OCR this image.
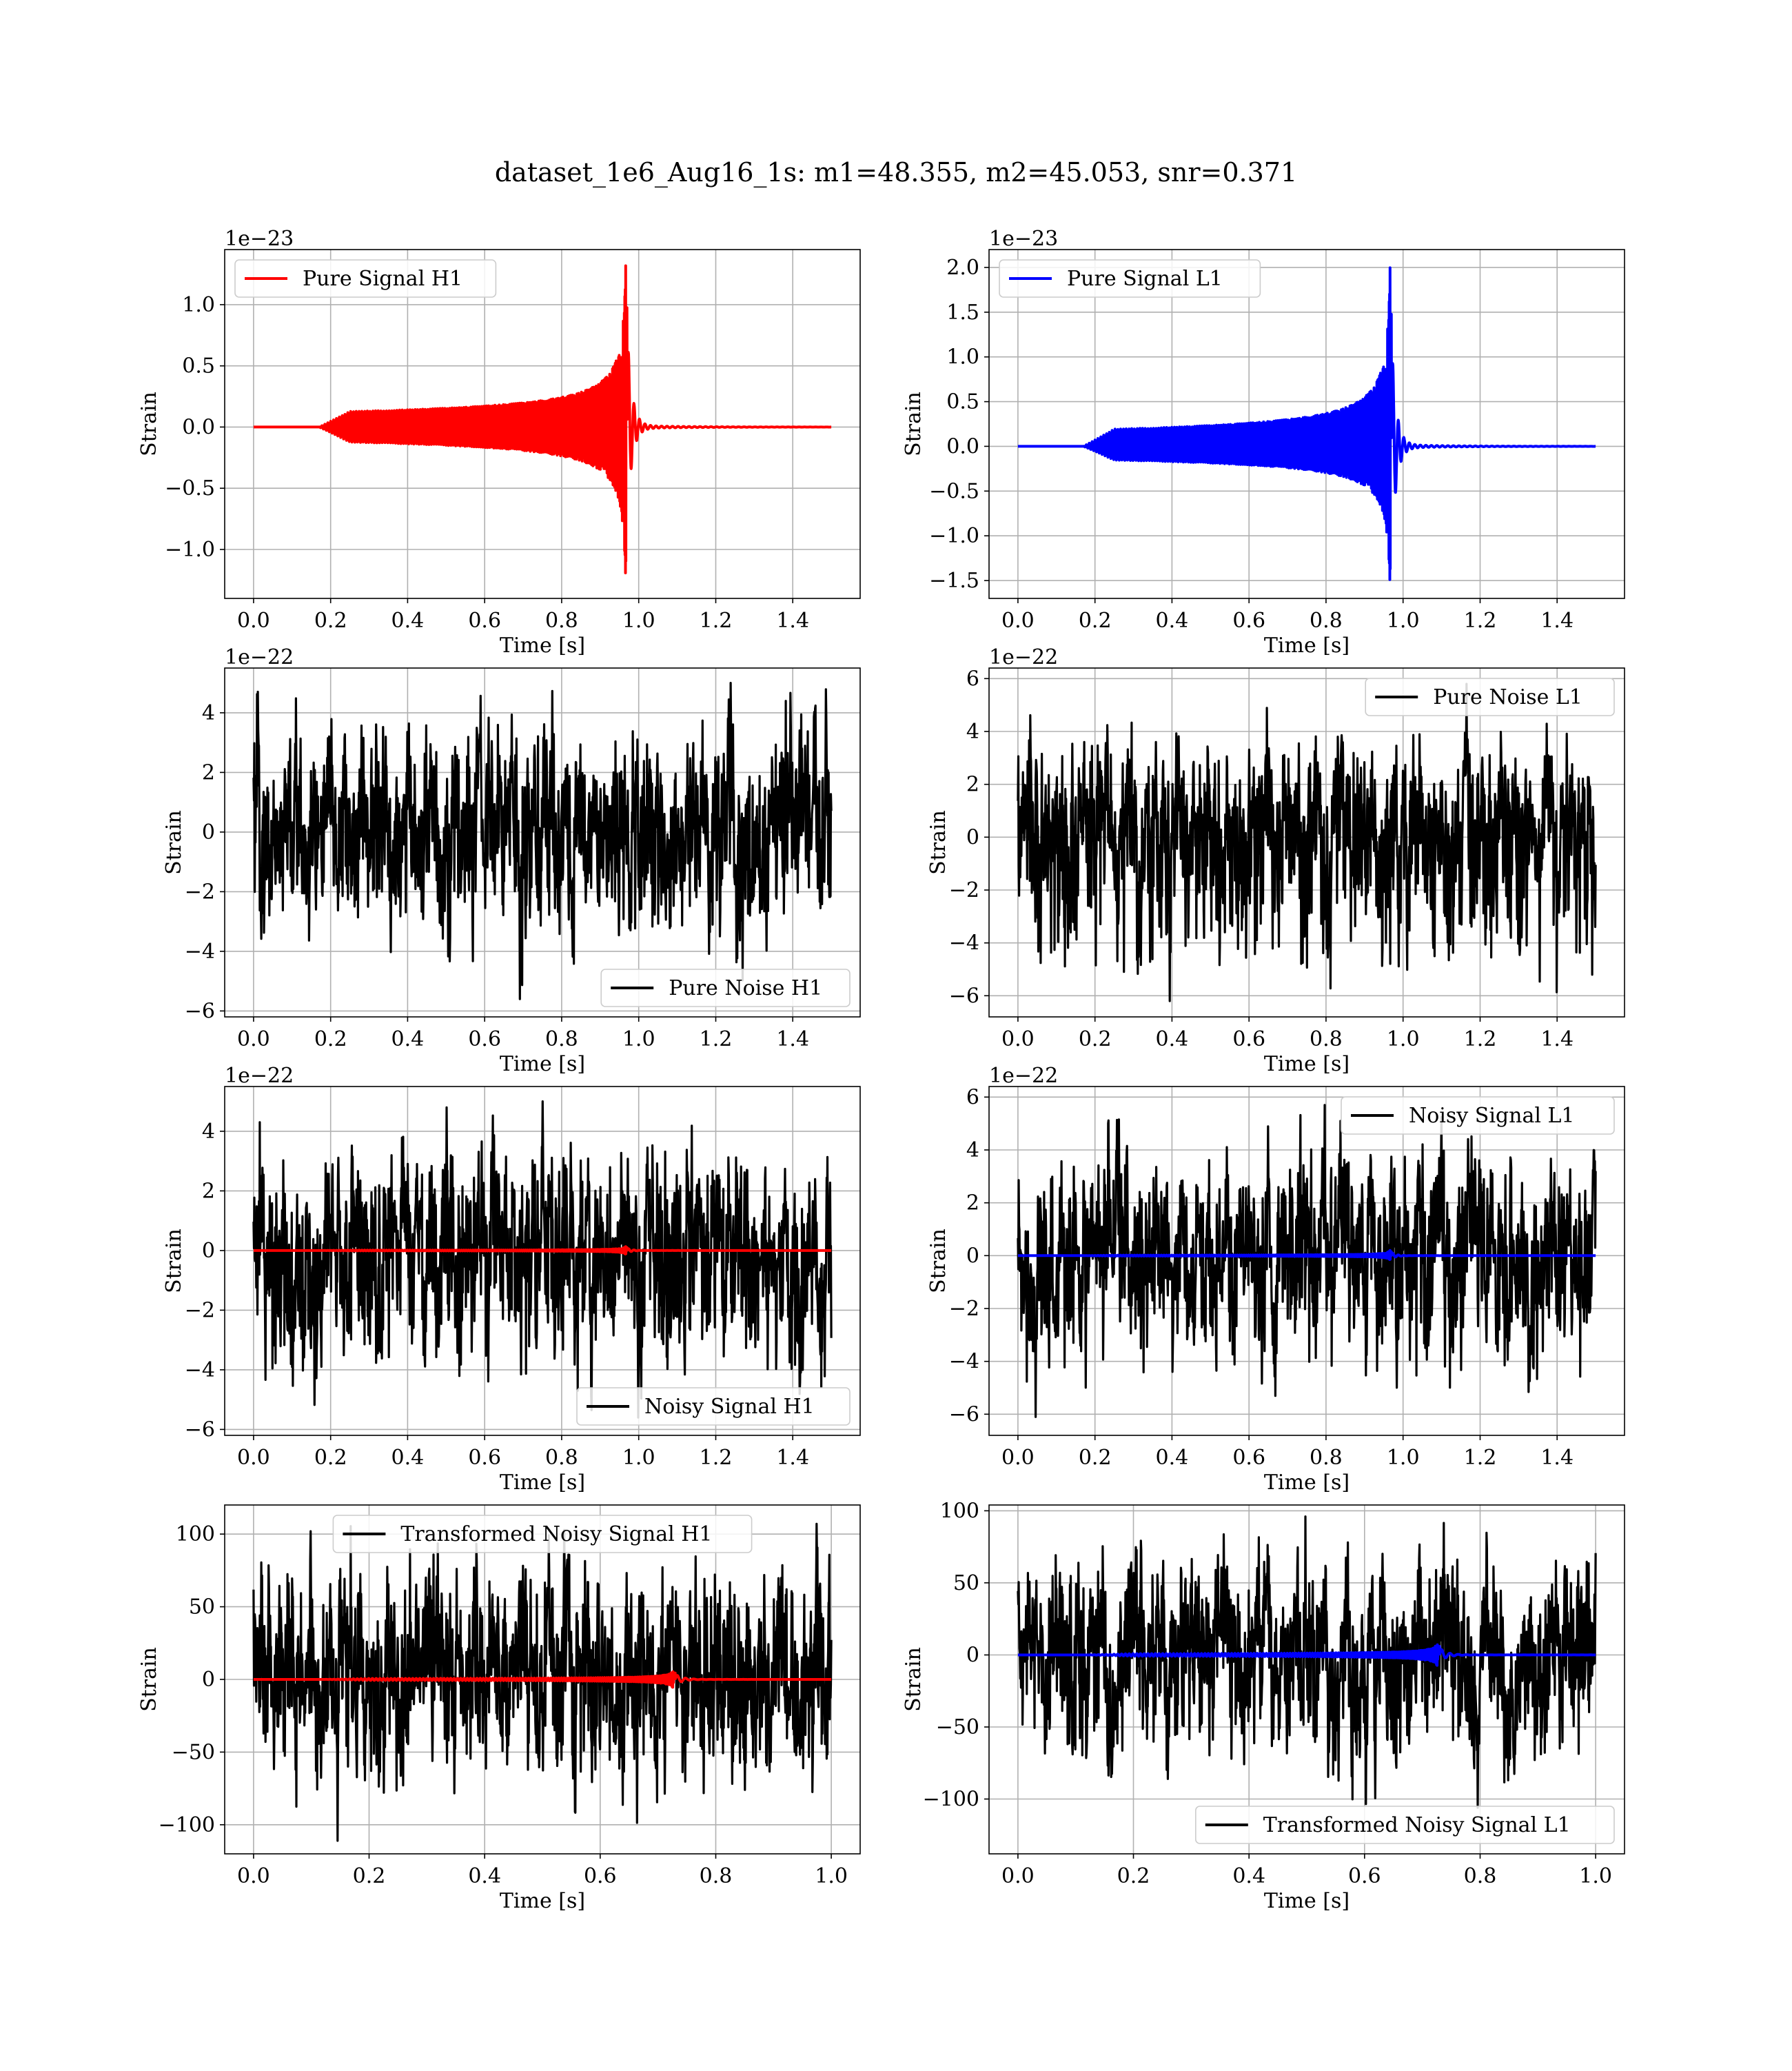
dataset_1e6_Aug16_1s: m1=48.355, m2=45.053, snr=0.371
0.0 0.2 0.4 0.6 0.8 1.0 1.2 1.4
−1.0
−0.5
0.0
0.5
1.0
Time [s]
Strain
1e−23
Pure Signal H1
0.0 0.2 0.4 0.6 0.8 1.0 1.2 1.4
−1.5
−1.0
−0.5
0.0
0.5
1.0
1.5
2.0
Time [s]
Strain
1e−23
Pure Signal L1
0.0 0.2 0.4 0.6 0.8 1.0 1.2 1.4
−6
−4
−2
0
2
4
Time [s]
Strain
1e−22
Pure Noise H1
0.0 0.2 0.4 0.6 0.8 1.0 1.2 1.4
−6
−4
−2
0
2
4
6
Time [s]
Strain
1e−22
Pure Noise L1
0.0 0.2 0.4 0.6 0.8 1.0 1.2 1.4
−6
−4
−2
0
2
4
Time [s]
Strain
1e−22
Noisy Signal H1
0.0 0.2 0.4 0.6 0.8 1.0 1.2 1.4
−6
−4
−2
0
2
4
6
Time [s]
Strain
1e−22
Noisy Signal L1
0.0	0.2	0.4	0.6	0.8	1.0
−100
−50
0
50
100
Time [s]
Strain
Transformed Noisy Signal H1
0.0	0.2	0.4	0.6	0.8	1.0
−100
−50
0
50
100
Time [s]
Strain
Transformed Noisy Signal L1
